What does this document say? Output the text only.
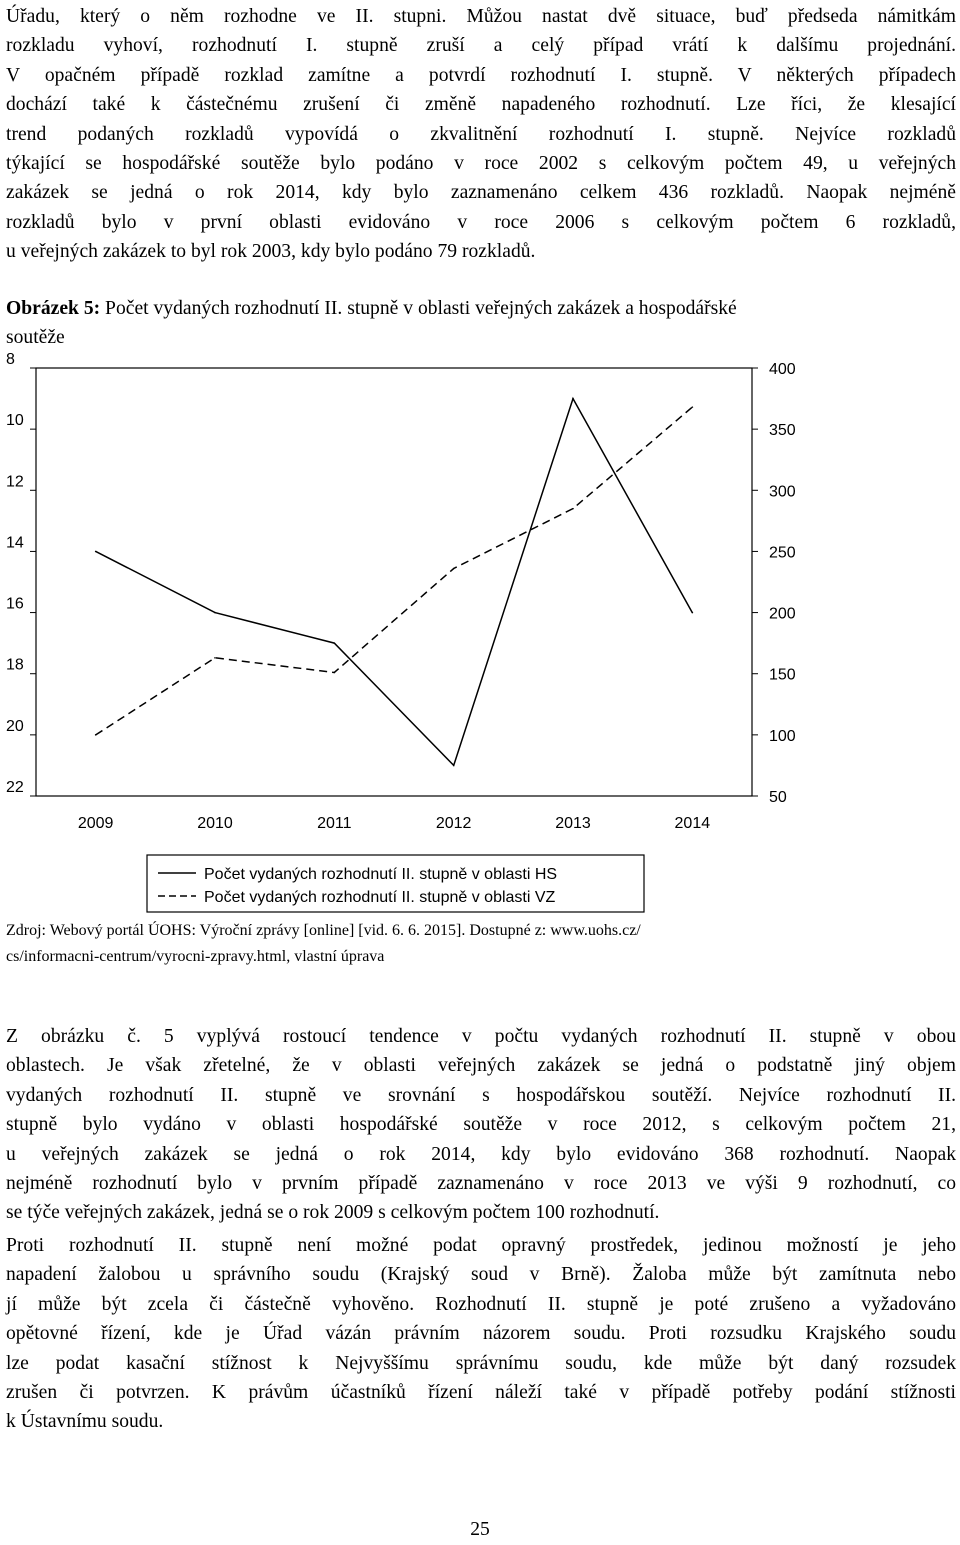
Úřadu, který o něm rozhodne ve II. stupni. Můžou nastat dvě situace, buď předseda námitkám
rozkladu vyhoví, rozhodnutí I. stupně zruší a celý případ vrátí k dalšímu projednání.
V opačném případě rozklad zamítne a potvrdí rozhodnutí I. stupně. V některých případech
dochází také k částečnému zrušení či změně napadeného rozhodnutí. Lze říci, že klesající
trend podaných rozkladů vypovídá o zkvalitnění rozhodnutí I. stupně. Nejvíce rozkladů
týkající se hospodářské soutěže bylo podáno v roce 2002 s celkovým počtem 49, u veřejných
zakázek se jedná o rok 2014, kdy bylo zaznamenáno celkem 436 rozkladů. Naopak nejméně
rozkladů bylo v první oblasti evidováno v roce 2006 s celkovým počtem 6 rozkladů,
u veřejných zakázek to byl rok 2003, kdy bylo podáno 79 rozkladů.
Obrázek 5: Počet vydaných rozhodnutí II. stupně v oblasti veřejných zakázek a hospodářské
soutěže
8
10
12
14
16
18
20
22
400
350
300
250
200
150
100
50
2009	2010	2011	2012	2013	2014
Počet vydaných rozhodnutí II. stupně v oblasti HS
Počet vydaných rozhodnutí II. stupně v oblasti VZ
Zdroj: Webový portál ÚOHS: Výroční zprávy [online] [vid. 6. 6. 2015]. Dostupné z: www.uohs.cz/
cs/informacni-centrum/vyrocni-zpravy.html, vlastní úprava
Z obrázku č. 5 vyplývá rostoucí tendence v počtu vydaných rozhodnutí II. stupně v obou
oblastech. Je však zřetelné, že v oblasti veřejných zakázek se jedná o podstatně jiný objem
vydaných rozhodnutí II. stupně ve srovnání s hospodářskou soutěží. Nejvíce rozhodnutí II.
stupně bylo vydáno v oblasti hospodářské soutěže v roce 2012, s celkovým počtem 21,
u veřejných zakázek se jedná o rok 2014, kdy bylo evidováno 368 rozhodnutí. Naopak
nejméně rozhodnutí bylo v prvním případě zaznamenáno v roce 2013 ve výši 9 rozhodnutí, co
se týče veřejných zakázek, jedná se o rok 2009 s celkovým počtem 100 rozhodnutí.
Proti rozhodnutí II. stupně není možné podat opravný prostředek, jedinou možností je jeho
napadení žalobou u správního soudu (Krajský soud v Brně). Žaloba může být zamítnuta nebo
jí může být zcela či částečně vyhověno. Rozhodnutí II. stupně je poté zrušeno a vyžadováno
opětovné řízení, kde je Úřad vázán právním názorem soudu. Proti rozsudku Krajského soudu
lze podat kasační stížnost k Nejvyššímu správnímu soudu, kde může být daný rozsudek
zrušen či potvrzen. K právům účastníků řízení náleží také v případě potřeby podání stížnosti
k Ústavnímu soudu.
25
